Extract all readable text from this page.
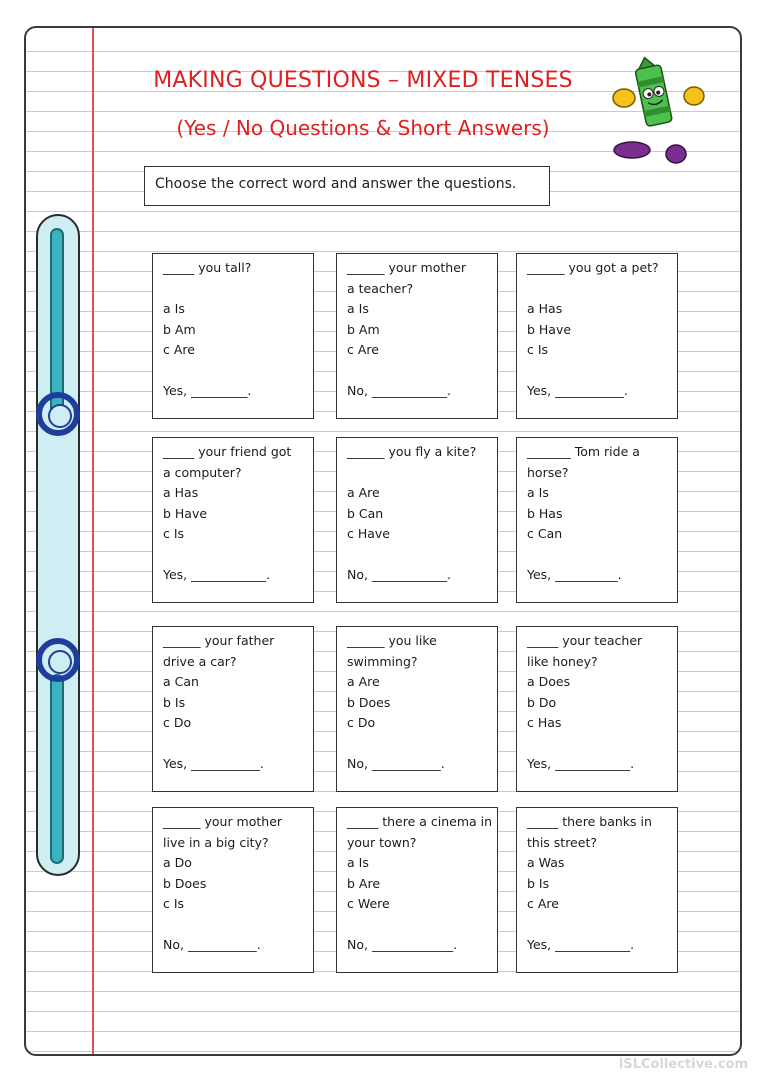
MAKING QUESTIONS – MIXED TENSES
(Yes / No Questions & Short Answers)
Choose the correct word and answer the questions.
_____ you tall?
a Is
b Am
c Are
Yes, _________.
______ your mother
a teacher?
a Is
b Am
c Are
No, ____________.
______ you got a pet?
a Has
b Have
c Is
Yes, ___________.
_____ your friend got
a computer?
a Has
b Have
c Is
Yes, ____________.
______ you fly a kite?
a Are
b Can
c Have
No, ____________.
_______ Tom ride a
horse?
a Is
b Has
c Can
Yes, __________.
______ your father
drive a car?
a Can
b Is
c Do
Yes, ___________.
______ you like
swimming?
a Are
b Does
c Do
No, ___________.
_____ your teacher
like honey?
a Does
b Do
c Has
Yes, ____________.
______ your mother
live in a big city?
a Do
b Does
c Is
No, ___________.
_____ there a cinema in
your town?
a Is
b Are
c Were
No, _____________.
_____ there banks in
this street?
a Was
b Is
c Are
Yes, ____________.
iSLCollective.com
